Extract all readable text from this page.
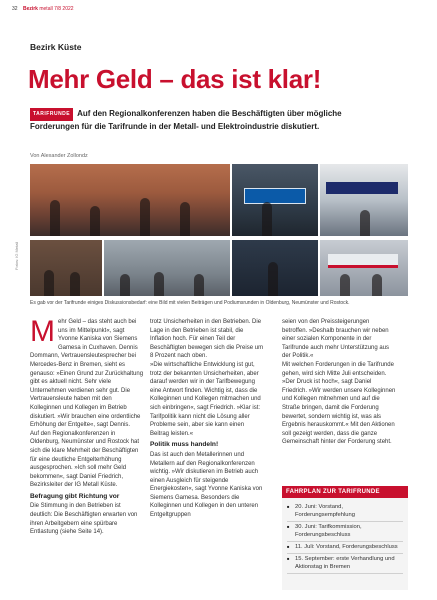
32 Bezirk metall 7/8 2022
Bezirk Küste
Mehr Geld – das ist klar!
TARIFRUNDE Auf den Regionalkonferenzen haben die Beschäftigten über mögliche Forderungen für die Tarifrunde in der Metall- und Elektroindustrie diskutiert.
Von Alexander Zollondz
Fotos: IG Metall
Es gab vor der Tarifrunde einiges Diskussionsbedarf: eine Bild mit vielen Beiträgen und Podiumsrunden in Oldenburg, Neumünster und Rostock.
M ehr Geld – das steht auch bei uns im Mittelpunkt«, sagt Yvonne Kaniska von Siemens Gamesa in Cuxhaven. Dennis Dommann, Vertrauensleutesprecher bei Mercedes-Benz in Bremen, sieht es genauso: »Einen Grund zur Zurückhaltung gibt es aktuell nicht. Sehr viele Unternehmen verdienen sehr gut. Die Vertrauensleute haben mit den Kolleginnen und Kollegen im Betrieb diskutiert. »Wir brauchen eine ordentliche Erhöhung der Entgelte«, sagt Dennis.

Auf den Regionalkonferenzen in Oldenburg, Neumünster und Rostock hat sich die klare Mehrheit der Beschäftigten für eine deutliche Entgelterhöhung ausgesprochen. »Ich soll mehr Geld bekommen«, sagt Daniel Friedrich, Bezirksleiter der IG Metall Küste.

Befragung gibt Richtung vor

Die Stimmung in den Betrieben ist deutlich: Die Beschäftigten erwarten von ihren Arbeitgebern eine spürbare Entlastung (siehe Seite 14).

trotz Unsicherheiten in den Betrieben. Die Lage in den Betrieben ist stabil, die Inflation hoch. Für einen Teil der Beschäftigten bewegen sich die Preise um 8 Prozent nach oben.

»Die wirtschaftliche Entwicklung ist gut, trotz der bekannten Unsicherheiten, aber darauf werden wir in der Tarifbewegung eine Antwort finden. Wichtig ist, dass die Kolleginnen und Kollegen mitmachen und sich einbringen«, sagt Friedrich. »Klar ist: Tarifpolitik kann nicht die Lösung aller Probleme sein, aber sie kann einen Beitrag leisten.«

Politik muss handeln!

Das ist auch den Metallerinnen und Metallern auf den Regionalkonferenzen wichtig. »Wir diskutieren im Betrieb auch einen Ausgleich für steigende Energiekosten«, sagt Yvonne Kaniska von Siemens Gamesa. Besonders die Kolleginnen und Kollegen in den unteren Entgeltgruppen

seien von den Preissteigerungen betroffen. »Deshalb brauchen wir neben einer sozialen Komponente in der Tarifrunde auch mehr Unterstützung aus der Politik.«

Mit welchen Forderungen in die Tarifrunde gehen, wird sich Mitte Juli entscheiden. »Der Druck ist hoch«, sagt Daniel Friedrich. »Wir werden unsere Kolleginnen und Kollegen mitnehmen und auf die Straße bringen, damit die Forderung bewertet, sondern wichtig ist, was als Ergebnis herauskommt.« Mit den Aktionen soll gezeigt werden, dass die ganze Gemeinschaft hinter der Forderung steht.

FAHRPLAN ZUR TARIFRUNDE
■ 20. Juni: Vorstand, Forderungsempfehlung
■ 30. Juni: Tarifkommission, Forderungsbeschluss
■ 11. Juli: Vorstand, Forderungsbeschluss
■ 15. September: erste Verhandlung und Aktionstag in Bremen
